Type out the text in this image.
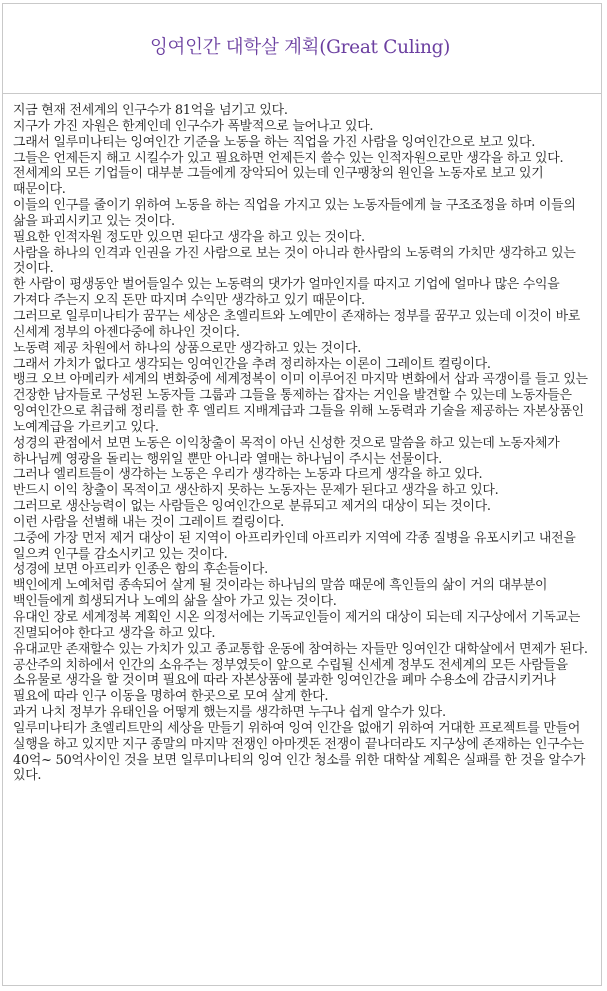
잉여인간 대학살 계획(Great Culing)

지금 현재 전세계의 인구수가 81억을 넘기고 있다.

지구가 가진 자원은 한계인데 인구수가 폭발적으로 늘어나고 있다.

그래서 일루미나티는 잉여인간 기준을 노동을 하는 직업을 가진 사람을 잉여인간으로 보고 있다.

그들은 언제든지 해고 시킬수가 있고 필요하면 언제든지 쓸수 있는 인적자원으로만 생각을 하고 있다.

전세계의 모든 기업들이 대부분 그들에게 장악되어 있는데 인구팽창의 원인을 노동자로 보고 있기 때문이다.

이들의 인구를 줄이기 위하여 노동을 하는 직업을 가지고 있는 노동자들에게 늘 구조조정을 하며 이들의 삶을 파괴시키고 있는 것이다.

필요한 인적자원 정도만 있으면 된다고 생각을 하고 있는 것이다.

사람을 하나의 인격과 인권을 가진 사람으로 보는 것이 아니라 한사람의 노동력의 가치만 생각하고 있는 것이다.

한 사람이 평생동안 벌어들일수 있는 노동력의 댓가가 얼마인지를 따지고 기업에 얼마나 많은 수익을 가져다 주는지 오직 돈만 따지며 수익만 생각하고 있기 때문이다.

그러므로 일루미나티가 꿈꾸는 세상은 초엘리트와 노예만이 존재하는 정부를 꿈꾸고 있는데 이것이 바로 신세계 정부의 아젠다중에 하나인 것이다.

노동력 제공 차원에서 하나의 상품으로만 생각하고 있는 것이다.

그래서 가치가 없다고 생각되는 잉여인간을 추려 정리하자는 이론이 그레이트 컬링이다.

뱅크 오브 아메리카 세계의 변화중에 세계정복이 이미 이루어진 마지막 변화에서 삽과 곡갱이를 들고 있는 건장한 남자들로 구성된 노동자들 그룹과 그들을 통제하는 잡자는 거인을 발견할 수 있는데 노동자들은 잉여인간으로 취급해 정리를 한 후 엘리트 지배계급과 그들을 위해 노동력과 기술을 제공하는 자본상품인 노예계급을 가르키고 있다.

성경의 관점에서 보면 노동은 이익창출이 목적이 아닌 신성한 것으로 말씀을 하고 있는데 노동자체가 하나님께 영광을 돌리는 행위일 뿐만 아니라 열매는 하나님이 주시는 선물이다.

그러나 엘리트들이 생각하는 노동은 우리가 생각하는 노동과 다르게 생각을 하고 있다.

반드시 이익 창출이 목적이고 생산하지 못하는 노동자는 문제가 된다고 생각을 하고 있다.

그러므로 생산능력이 없는 사람들은 잉여인간으로 분류되고 제거의 대상이 되는 것이다.

이런 사람을 선별해 내는 것이 그레이트 컬링이다.

그중에 가장 먼저 제거 대상이 된 지역이 아프리카인데 아프리카 지역에 각종 질병을 유포시키고 내전을 일으켜 인구를 감소시키고 있는 것이다.

성경에 보면 아프리카 인종은 함의 후손들이다.

백인에게 노예처럼 종속되어 살게 될 것이라는 하나님의 말씀 때문에 흑인들의 삶이 거의 대부분이 백인들에게 희생되거나 노예의 삶을 살아 가고 있는 것이다.

유대인 장로 세계정복 계획인 시온 의정서에는 기독교인들이 제거의 대상이 되는데 지구상에서 기독교는 진멸되어야 한다고 생각을 하고 있다.

유대교만 존재할수 있는 가치가 있고 종교통합 운동에 참여하는 자들만 잉여인간 대학살에서 면제가 된다.

공산주의 치하에서 인간의 소유주는 정부였듯이 앞으로 수립될 신세계 정부도 전세계의 모든 사람들을 소유물로 생각을 할 것이며 필요에 따라 자본상품에 불과한 잉여인간을 폐마 수용소에 감금시키거나 필요에 따라 인구 이동을 명하여 한곳으로 모여 살게 한다.

과거 나치 정부가 유태인을 어떻게 했는지를 생각하면 누구나 쉽게 알수가 있다.

일루미나티가 초엘리트만의 세상을 만들기 위하여 잉여 인간을 없애기 위하여 거대한 프로젝트를 만들어 실행을 하고 있지만 지구 종말의 마지막 전쟁인 아마겟돈 전쟁이 끝나더라도 지구상에 존재하는 인구수는 40억~ 50억사이인 것을 보면 일루미나티의 잉여 인간 청소를 위한 대학살 계획은 실패를 한 것을 알수가 있다.
